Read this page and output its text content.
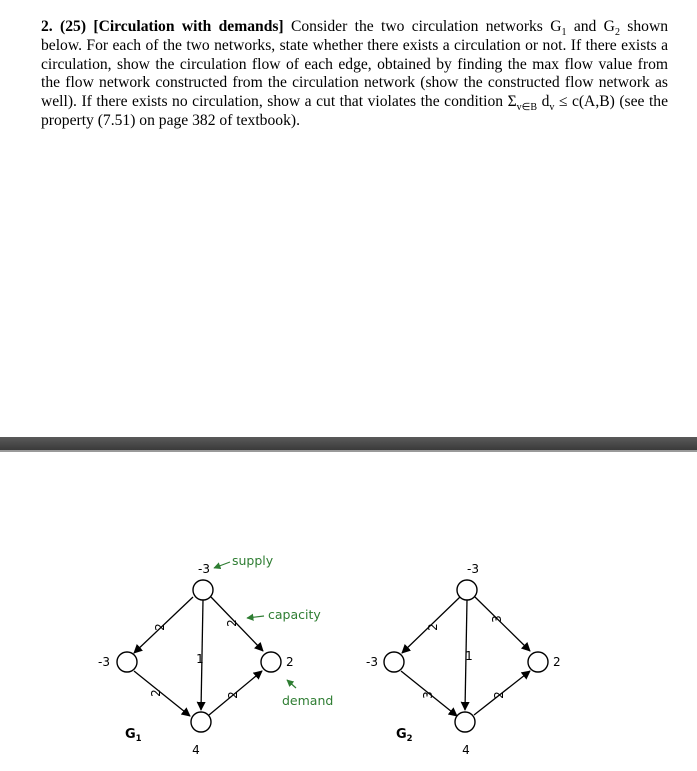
2. (25) [Circulation with demands] Consider the two circulation networks $G_1$ and $G_2$ shown below. For each of the two networks, state whether there exists a circulation or not. If there exists a circulation, show the circulation flow of each edge, obtained by finding the max flow value from the flow network constructed from the circulation network (show the constructed flow network as well). If there exists no circulation, show a cut that violates the condition $\Sigma_{v\in B}$ $d_v \le c(A,B)$ (see the property (7.51) on page 382 of textbook).
-3
-3	2
4
2
2
1
2
2
supply
capacity
demand
$G_1$
-3
-3	2
4
2
3
1
3
2
$G_2$
